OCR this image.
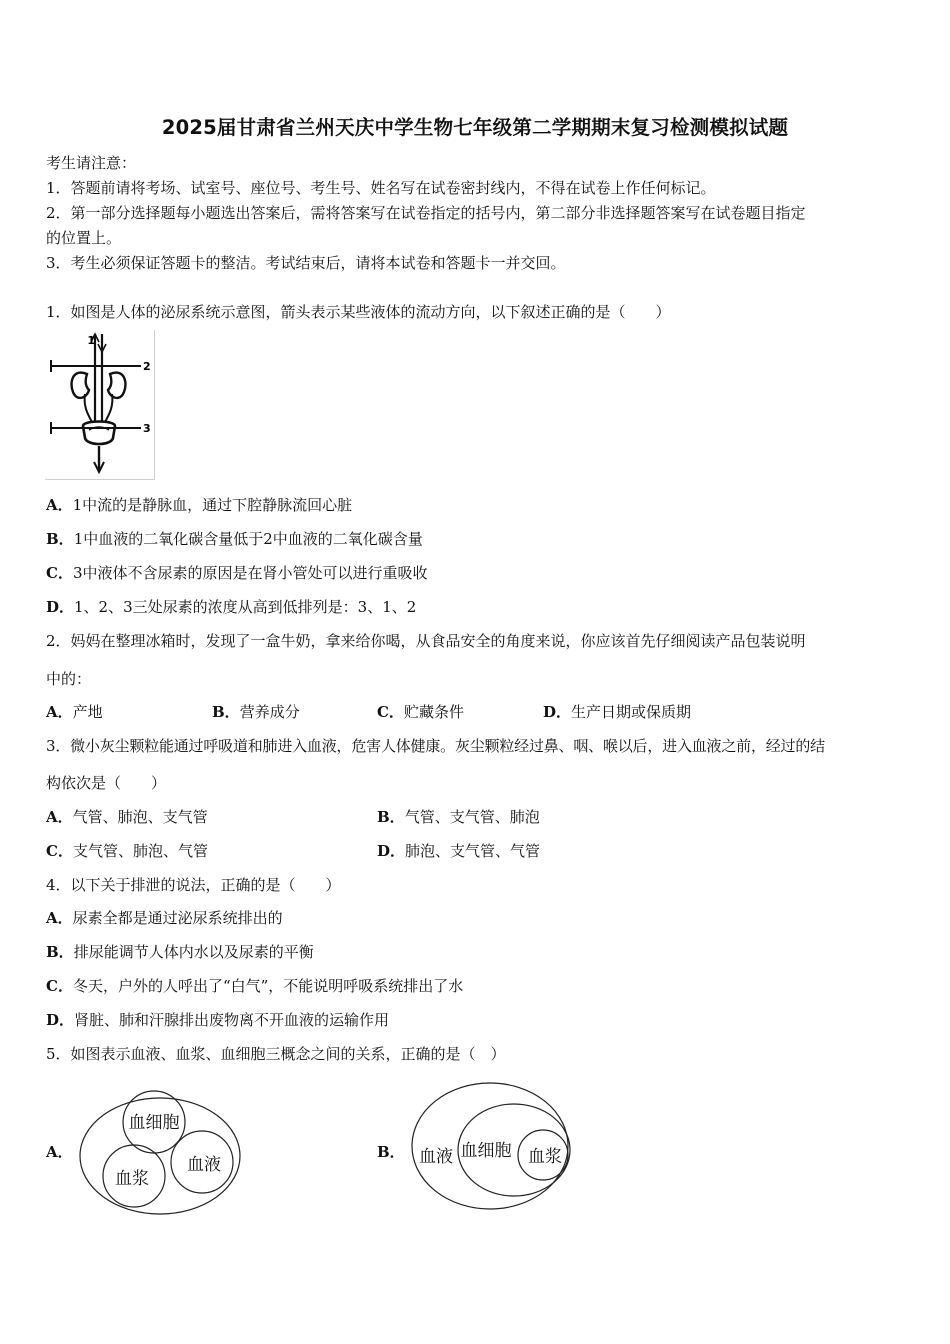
2025届甘肃省兰州天庆中学生物七年级第二学期期末复习检测模拟试题
考生请注意：
1．答题前请将考场、试室号、座位号、考生号、姓名写在试卷密封线内，不得在试卷上作任何标记。
2．第一部分选择题每小题选出答案后，需将答案写在试卷指定的括号内，第二部分非选择题答案写在试卷题目指定
的位置上。
3．考生必须保证答题卡的整洁。考试结束后，请将本试卷和答题卡一并交回。
1．如图是人体的泌尿系统示意图，箭头表示某些液体的流动方向，以下叙述正确的是（　　）
1
2
3
A．1中流的是静脉血，通过下腔静脉流回心脏
B．1中血液的二氧化碳含量低于2中血液的二氧化碳含量
C．3中液体不含尿素的原因是在肾小管处可以进行重吸收
D．1、2、3三处尿素的浓度从高到低排列是：3、1、2
2．妈妈在整理冰箱时，发现了一盒牛奶，拿来给你喝，从食品安全的角度来说，你应该首先仔细阅读产品包装说明
中的：
A．产地	B．营养成分	C．贮藏条件	D．生产日期或保质期
3．微小灰尘颗粒能通过呼吸道和肺进入血液，危害人体健康。灰尘颗粒经过鼻、咽、喉以后，进入血液之前，经过的结
构依次是（　　）
A．气管、肺泡、支气管	B．气管、支气管、肺泡
C．支气管、肺泡、气管	D．肺泡、支气管、气管
4．以下关于排泄的说法，正确的是（　　）
A．尿素全都是通过泌尿系统排出的
B．排尿能调节人体内水以及尿素的平衡
C．冬天，户外的人呼出了“白气”，不能说明呼吸系统排出了水
D．肾脏、肺和汗腺排出废物离不开血液的运输作用
5．如图表示血液、血浆、血细胞三概念之间的关系，正确的是（　）
A．
血细胞
血浆
血液
B． 血液 血细胞 血浆
